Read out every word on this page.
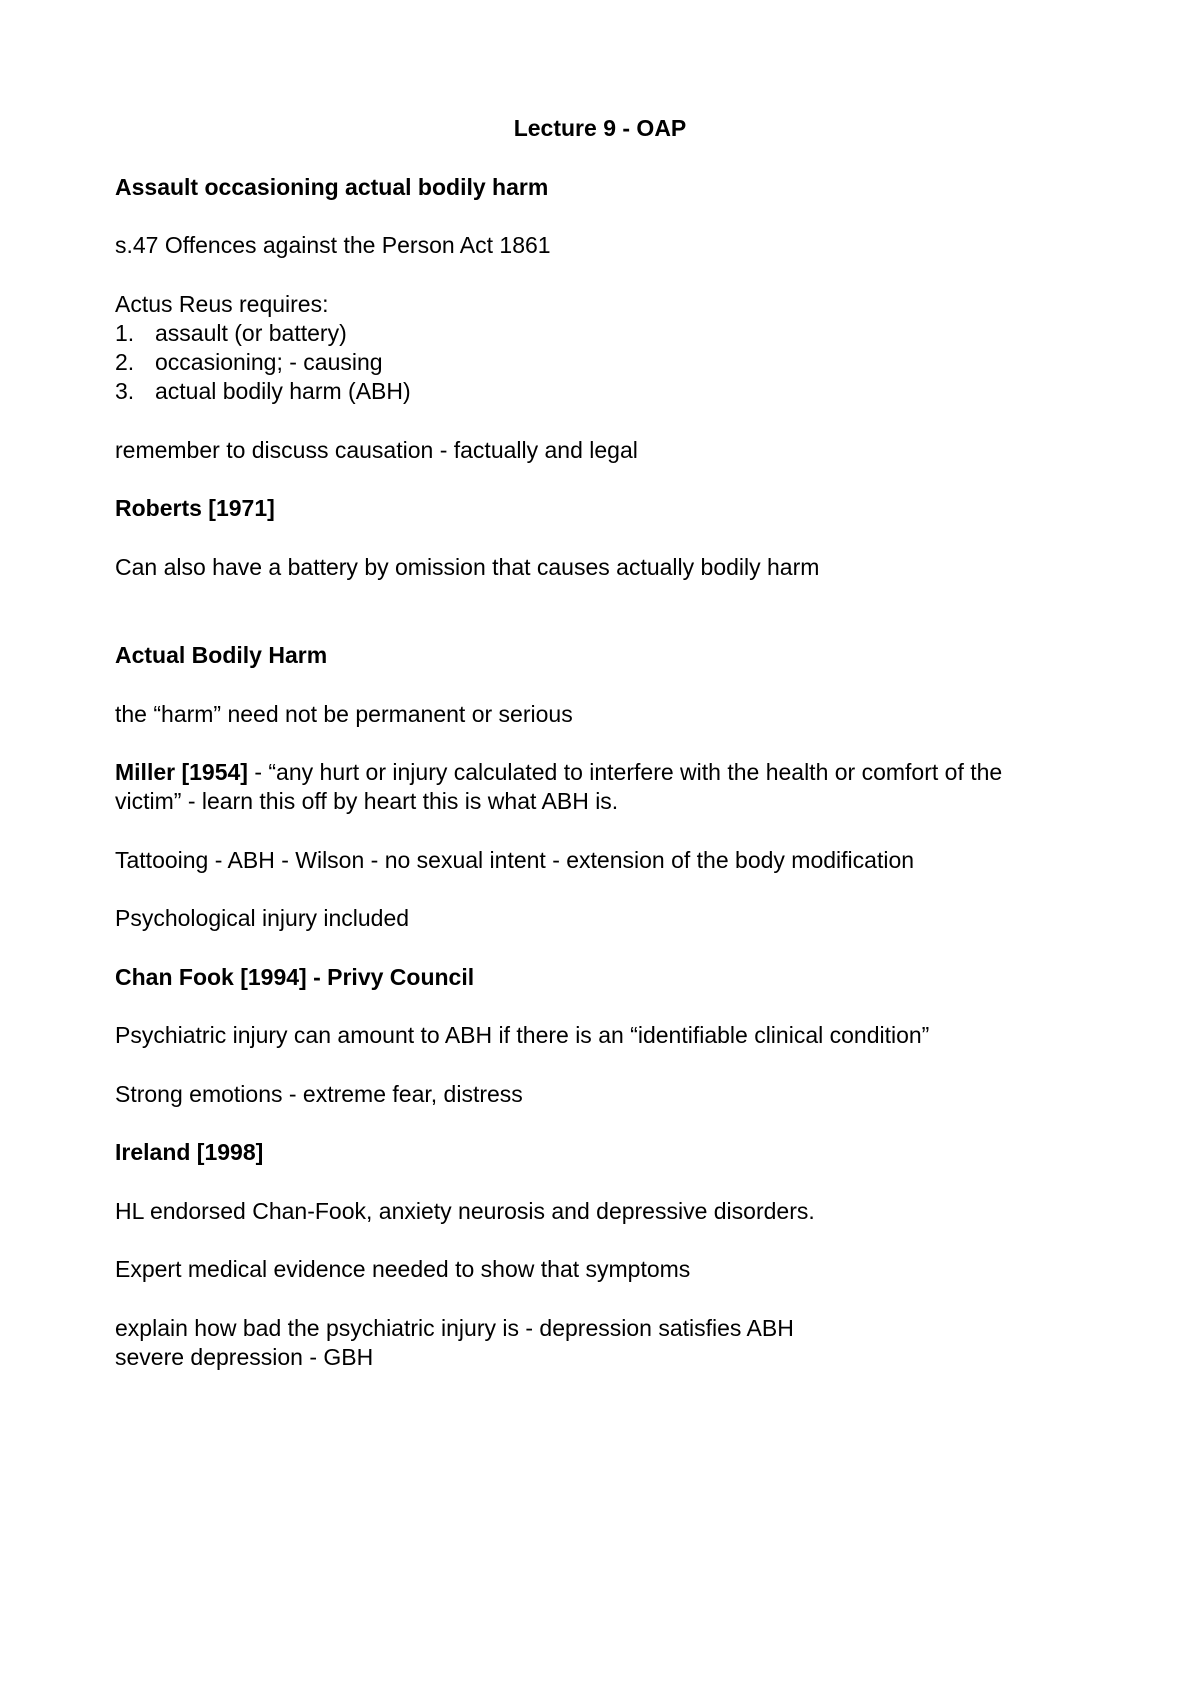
Lecture 9 - OAP
Assault occasioning actual bodily harm
s.47 Offences against the Person Act 1861
Actus Reus requires:
1. assault (or battery)
2. occasioning; - causing
3. actual bodily harm (ABH)
remember to discuss causation - factually and legal
Roberts [1971]
Can also have a battery by omission that causes actually bodily harm
Actual Bodily Harm
the “harm” need not be permanent or serious
Miller [1954] - “any hurt or injury calculated to interfere with the health or comfort of the
victim” - learn this off by heart this is what ABH is.
Tattooing - ABH - Wilson - no sexual intent - extension of the body modification
Psychological injury included
Chan Fook [1994] - Privy Council
Psychiatric injury can amount to ABH if there is an “identifiable clinical condition”
Strong emotions - extreme fear, distress
Ireland [1998]
HL endorsed Chan-Fook, anxiety neurosis and depressive disorders.
Expert medical evidence needed to show that symptoms
explain how bad the psychiatric injury is - depression satisfies ABH
severe depression - GBH
